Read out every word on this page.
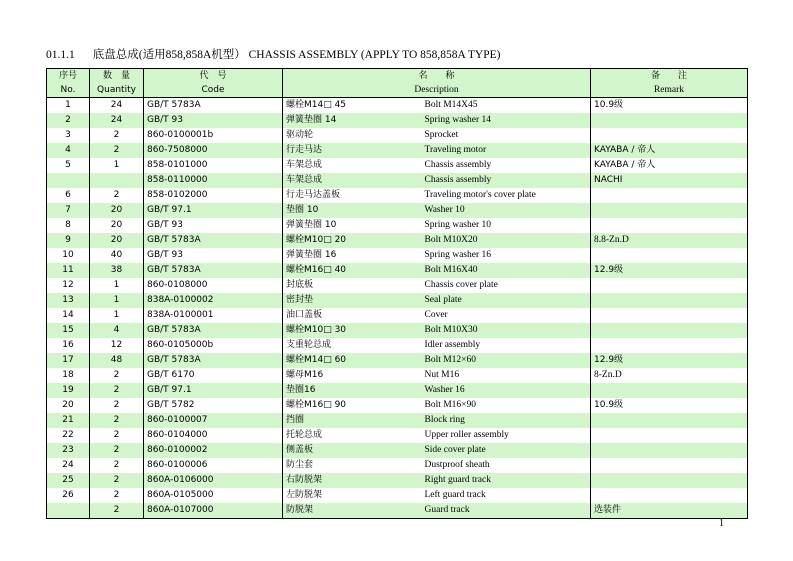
01.1.1 底盘总成(适用858,858A机型） CHASSIS ASSEMBLY (APPLY TO 858,858A TYPE)
序号	数　量	代　号	名　　称		备　　注
No.	Quantity	Code	Description		Remark
1	24	GB/T 5783A	螺栓M14□ 45	Bolt M14X45	10.9级
2	24	GB/T 93	弹簧垫圈 14	Spring washer 14	
3	2	860-0100001b	驱动轮	Sprocket	
4	2	860-7508000	行走马达	Traveling motor	KAYABA / 帝人
5	1	858-0101000	车架总成	Chassis assembly	KAYABA / 帝人
		858-0110000	车架总成	Chassis assembly	NACHI
6	2	858-0102000	行走马达盖板	Traveling motor's cover plate	
7	20	GB/T 97.1	垫圈 10	Washer 10	
8	20	GB/T 93	弹簧垫圈 10	Spring washer 10	
9	20	GB/T 5783A	螺栓M10□ 20	Bolt M10X20	8.8-Zn.D
10	40	GB/T 93	弹簧垫圈 16	Spring washer 16	
11	38	GB/T 5783A	螺栓M16□ 40	Bolt M16X40	12.9级
12	1	860-0108000	封底板	Chassis cover plate	
13	1	838A-0100002	密封垫	Seal plate	
14	1	838A-0100001	油口盖板	Cover	
15	4	GB/T 5783A	螺栓M10□ 30	Bolt M10X30	
16	12	860-0105000b	支重轮总成	Idler assembly	
17	48	GB/T 5783A	螺栓M14□ 60	Bolt M12×60	12.9级
18	2	GB/T 6170	螺母M16	Nut M16	8-Zn.D
19	2	GB/T 97.1	垫圈16	Washer 16	
20	2	GB/T 5782	螺栓M16□ 90	Bolt M16×90	10.9级
21	2	860-0100007	挡圈	Block ring	
22	2	860-0104000	托轮总成	Upper roller assembly	
23	2	860-0100002	侧盖板	Side cover plate	
24	2	860-0100006	防尘套	Dustproof sheath	
25	2	860A-0106000	右防脱架	Right guard track	
26	2	860A-0105000	左防脱架	Left guard track	
	2	860A-0107000	防脱架	Guard track	选装件
1
